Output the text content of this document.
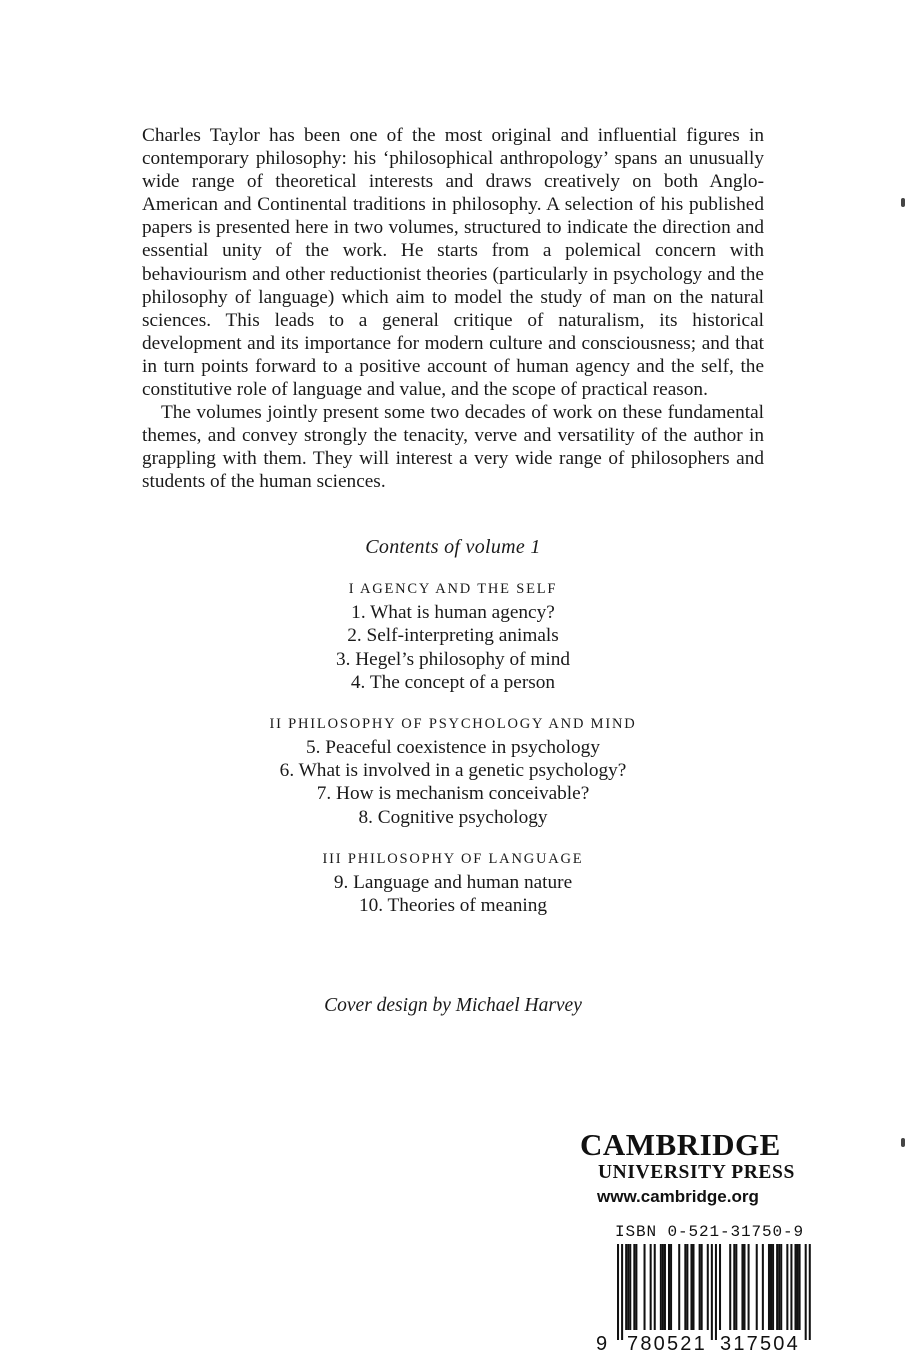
Charles Taylor has been one of the most original and influential figures in contemporary philosophy: his ‘philosophical anthropology’ spans an unusually wide range of theoretical interests and draws creatively on both Anglo-American and Continental traditions in philosophy. A selection of his published papers is presented here in two volumes, structured to indicate the direction and essential unity of the work. He starts from a polemical concern with behaviourism and other reductionist theories (particularly in psychology and the philosophy of language) which aim to model the study of man on the natural sciences. This leads to a general critique of naturalism, its historical development and its importance for modern culture and consciousness; and that in turn points forward to a positive account of human agency and the self, the constitutive role of language and value, and the scope of practical reason.

The volumes jointly present some two decades of work on these fundamental themes, and convey strongly the tenacity, verve and versatility of the author in grappling with them. They will interest a very wide range of philosophers and students of the human sciences.

Contents of volume 1
I AGENCY AND THE SELF
1. What is human agency?
2. Self-interpreting animals
3. Hegel’s philosophy of mind
4. The concept of a person
II PHILOSOPHY OF PSYCHOLOGY AND MIND
5. Peaceful coexistence in psychology
6. What is involved in a genetic psychology?
7. How is mechanism conceivable?
8. Cognitive psychology
III PHILOSOPHY OF LANGUAGE
9. Language and human nature
10. Theories of meaning
Cover design by Michael Harvey
CAMBRIDGE
UNIVERSITY PRESS
www.cambridge.org
ISBN 0-521-31750-9
9 780521 317504
